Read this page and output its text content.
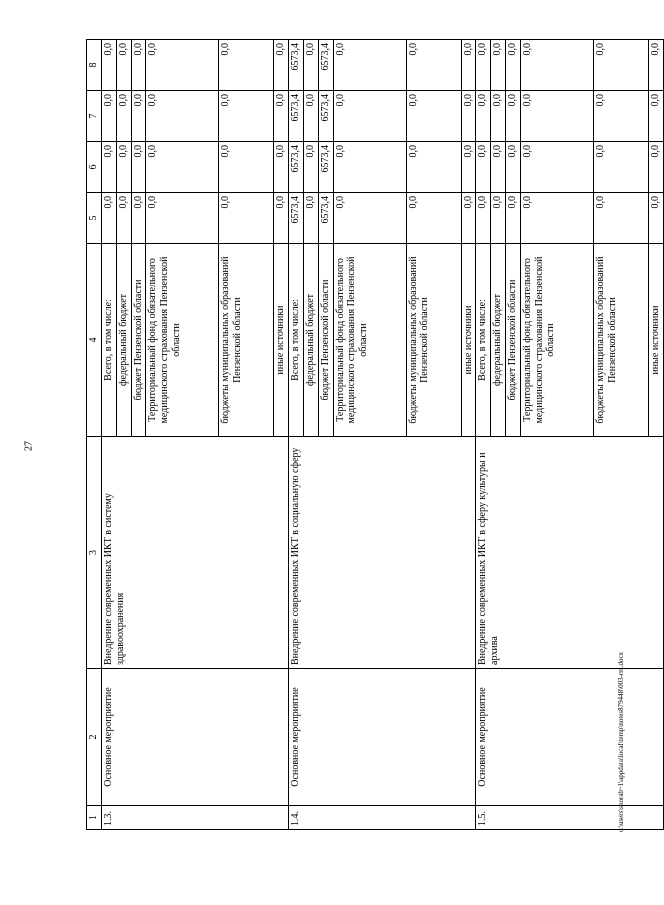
27
1	2	3	4	5	6	7	8
1.3.	Основное мероприятие	Внедрение современных ИКТ в систему здравоохранения	Всего, в том числе:	0,0	0,0	0,0	0,0
			федеральный бюджет	0,0	0,0	0,0	0,0
			бюджет Пензенской области	0,0	0,0	0,0	0,0
			Территориальный фонд обязательного медицинского страхования Пензенской области	0,0	0,0	0,0	0,0
			бюджеты муниципальных образований Пензенской области	0,0	0,0	0,0	0,0
			иные источники	0,0	0,0	0,0	0,0
1.4.	Основное мероприятие	Внедрение современных ИКТ в социальную сферу	Всего, в том числе:	6573,4	6573,4	6573,4	6573,4
			федеральный бюджет	0,0	0,0	0,0	0,0
			бюджет Пензенской области	6573,4	6573,4	6573,4	6573,4
			Территориальный фонд обязательного медицинского страхования Пензенской области	0,0	0,0	0,0	0,0
			бюджеты муниципальных образований Пензенской области	0,0	0,0	0,0	0,0
			иные источники	0,0	0,0	0,0	0,0
1.5.	Основное мероприятие	Внедрение современных ИКТ в сферу культуры и архива	Всего, в том числе:	0,0	0,0	0,0	0,0
			федеральный бюджет	0,0	0,0	0,0	0,0
			бюджет Пензенской области	0,0	0,0	0,0	0,0
			Территориальный фонд обязательного медицинского страхования Пензенской области	0,0	0,0	0,0	0,0
			бюджеты муниципальных образований Пензенской области	0,0	0,0	0,0	0,0
			иные источники	0,0	0,0	0,0	0,0
c:\users\shorab~1\appdata\local\temp\notes879448\003-rm.docx
